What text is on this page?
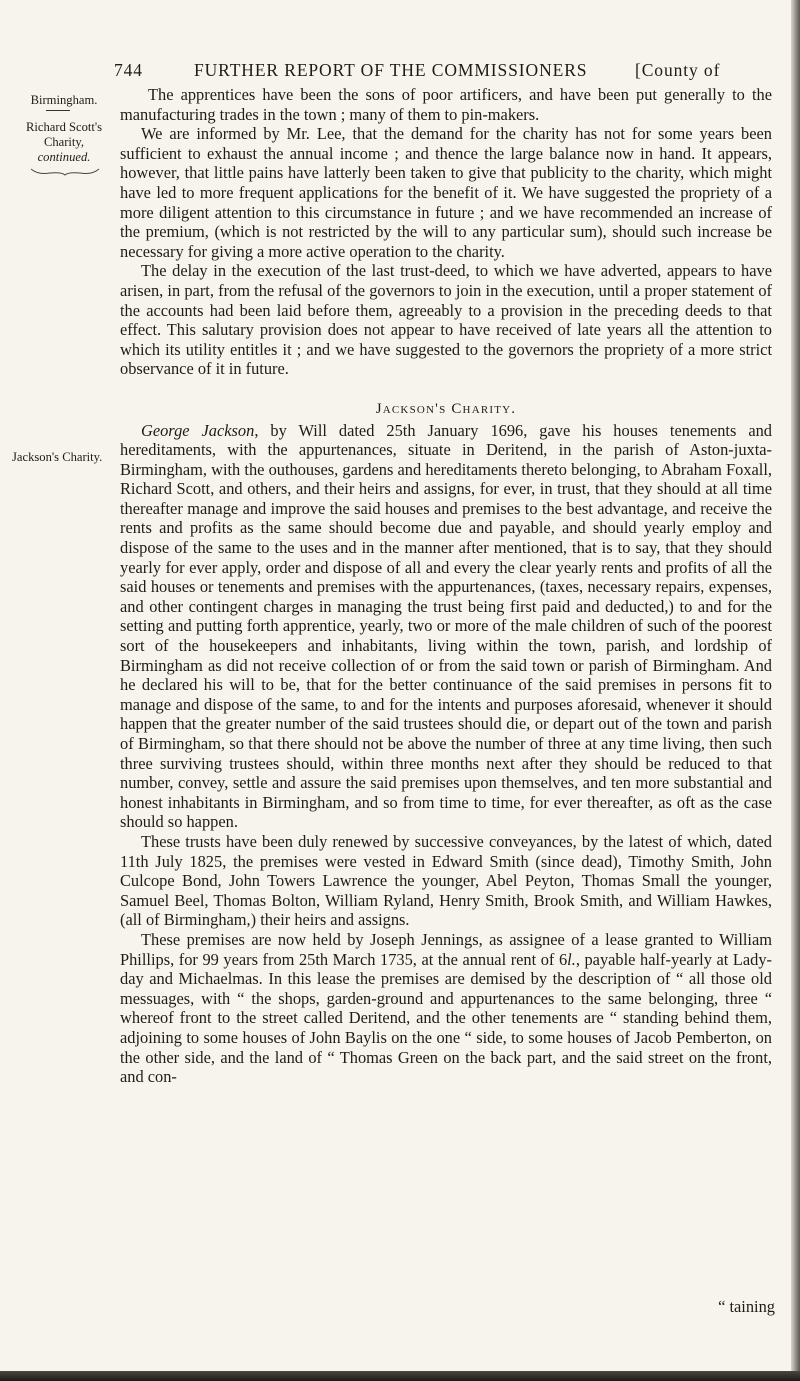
744	FURTHER REPORT OF THE COMMISSIONERS	[County of
Birmingham.
Richard Scott's
Charity,
continued.
Jackson's Charity.

The apprentices have been the sons of poor artificers, and have been put generally to the manufacturing trades in the town ; many of them to pin-makers.

We are informed by Mr. Lee, that the demand for the charity has not for some years been sufficient to exhaust the annual income ; and thence the large balance now in hand. It appears, however, that little pains have latterly been taken to give that publicity to the charity, which might have led to more frequent applications for the benefit of it. We have suggested the propriety of a more diligent attention to this circumstance in future ; and we have recommended an increase of the premium, (which is not restricted by the will to any particular sum), should such increase be necessary for giving a more active operation to the charity.

The delay in the execution of the last trust-deed, to which we have adverted, appears to have arisen, in part, from the refusal of the governors to join in the execution, until a proper statement of the accounts had been laid before them, agreeably to a provision in the preceding deeds to that effect. This salutary provision does not appear to have received of late years all the attention to which its utility entitles it ; and we have suggested to the governors the propriety of a more strict observance of it in future.

Jackson's Charity.

George Jackson, by Will dated 25th January 1696, gave his houses tenements and hereditaments, with the appurtenances, situate in Deritend, in the parish of Aston-juxta-Birmingham, with the outhouses, gardens and hereditaments thereto belonging, to Abraham Foxall, Richard Scott, and others, and their heirs and assigns, for ever, in trust, that they should at all time thereafter manage and improve the said houses and premises to the best advantage, and receive the rents and profits as the same should become due and payable, and should yearly employ and dispose of the same to the uses and in the manner after mentioned, that is to say, that they should yearly for ever apply, order and dispose of all and every the clear yearly rents and profits of all the said houses or tenements and premises with the appurtenances, (taxes, necessary repairs, expenses, and other contingent charges in managing the trust being first paid and deducted,) to and for the setting and putting forth apprentice, yearly, two or more of the male children of such of the poorest sort of the housekeepers and inhabitants, living within the town, parish, and lordship of Birmingham as did not receive collection of or from the said town or parish of Birmingham. And he declared his will to be, that for the better continuance of the said premises in persons fit to manage and dispose of the same, to and for the intents and purposes aforesaid, whenever it should happen that the greater number of the said trustees should die, or depart out of the town and parish of Birmingham, so that there should not be above the number of three at any time living, then such three surviving trustees should, within three months next after they should be reduced to that number, convey, settle and assure the said premises upon themselves, and ten more substantial and honest inhabitants in Birmingham, and so from time to time, for ever thereafter, as oft as the case should so happen.

These trusts have been duly renewed by successive conveyances, by the latest of which, dated 11th July 1825, the premises were vested in Edward Smith (since dead), Timothy Smith, John Culcope Bond, John Towers Lawrence the younger, Abel Peyton, Thomas Small the younger, Samuel Beel, Thomas Bolton, William Ryland, Henry Smith, Brook Smith, and William Hawkes, (all of Birmingham,) their heirs and assigns.

These premises are now held by Joseph Jennings, as assignee of a lease granted to William Phillips, for 99 years from 25th March 1735, at the annual rent of 6l., payable half-yearly at Lady-day and Michaelmas. In this lease the premises are demised by the description of “ all those old messuages, with “ the shops, garden-ground and appurtenances to the same belonging, three “ whereof front to the street called Deritend, and the other tenements are “ standing behind them, adjoining to some houses of John Baylis on the one “ side, to some houses of Jacob Pemberton, on the other side, and the land of “ Thomas Green on the back part, and the said street on the front, and con-

“ taining
